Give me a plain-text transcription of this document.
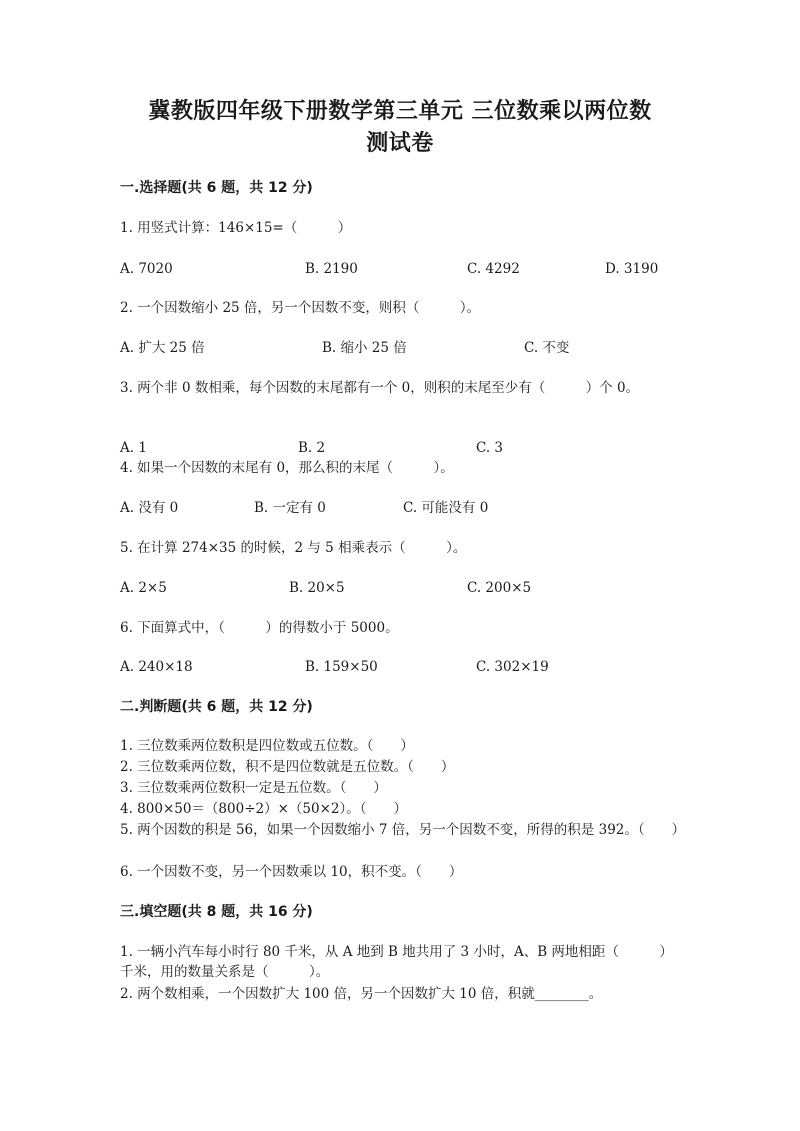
冀教版四年级下册数学第三单元 三位数乘以两位数
测试卷
一.选择题(共 6 题，共 12 分)
1. 用竖式计算：146×15=（　　　）
A. 7020	B. 2190	C. 4292	D. 3190
2. 一个因数缩小 25 倍，另一个因数不变，则积（　　　）。
A. 扩大 25 倍	B. 缩小 25 倍	C. 不变
3. 两个非 0 数相乘，每个因数的末尾都有一个 0，则积的末尾至少有（　　　）个 0。
A. 1	B. 2	C. 3
4. 如果一个因数的末尾有 0，那么积的末尾（　　　）。
A. 没有 0	B. 一定有 0	C. 可能没有 0
5. 在计算 274×35 的时候，2 与 5 相乘表示（　　　）。
A. 2×5	B. 20×5	C. 200×5
6. 下面算式中，（　　　）的得数小于 5000。
A. 240×18	B. 159×50	C. 302×19
二.判断题(共 6 题，共 12 分)
1. 三位数乘两位数积是四位数或五位数。（　　）
2. 三位数乘两位数，积不是四位数就是五位数。（　　）
3. 三位数乘两位数积一定是五位数。（　　）
4. 800×50＝（800÷2）×（50×2）。（　　）
5. 两个因数的积是 56，如果一个因数缩小 7 倍，另一个因数不变，所得的积是 392。（　　）
6. 一个因数不变，另一个因数乘以 10，积不变。（　　）
三.填空题(共 8 题，共 16 分)
1. 一辆小汽车每小时行 80 千米，从 A 地到 B 地共用了 3 小时，A、B 两地相距（　　　）千米，用的数量关系是（　　　）。
2. 两个数相乘，一个因数扩大 100 倍，另一个因数扩大 10 倍，积就________。
